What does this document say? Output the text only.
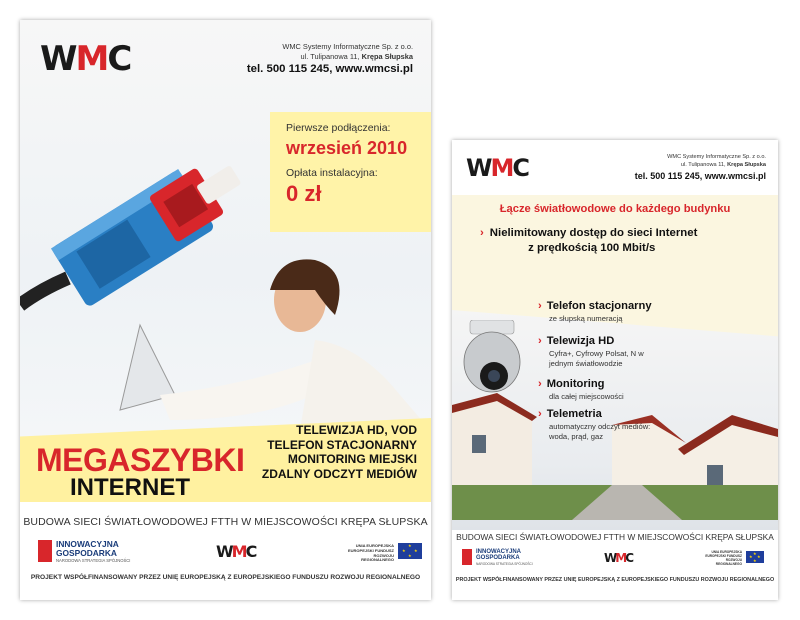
WMC	WMC Systemy Informatyczne Sp. z o.o.
ul. Tulipanowa 11, Krępa Słupska
tel. 500 115 245, www.wmcsi.pl
Pierwsze podłączenia:
wrzesień 2010
Opłata instalacyjna:
0 zł
MEGASZYBKI
INTERNET
TELEWIZJA HD, VOD
TELEFON STACJONARNY
MONITORING MIEJSKI
ZDALNY ODCZYT MEDIÓW
BUDOWA SIECI ŚWIATŁOWODOWEJ FTTH W MIEJSCOWOŚCI KRĘPA SŁUPSKA
INNOWACYJNA
GOSPODARKA
NARODOWA STRATEGIA SPÓJNOŚCI	WMC	UNIA EUROPEJSKA
EUROPEJSKI FUNDUSZ
ROZWOJU REGIONALNEGO
★
★ ★
★
PROJEKT WSPÓŁFINANSOWANY PRZEZ UNIĘ EUROPEJSKĄ Z EUROPEJSKIEGO FUNDUSZU ROZWOJU REGIONALNEGO
WMC	WMC Systemy Informatyczne Sp. z o.o.
ul. Tulipanowa 11, Krępa Słupska
tel. 500 115 245, www.wmcsi.pl
Łącze światłowodowe do każdego budynku
› Nielimitowany dostęp do sieci Internet
z prędkością 100 Mbit/s
› Telefon stacjonarny
ze słupską numeracją
› Telewizja HD
Cyfra+, Cyfrowy Polsat, N w jednym światłowodzie
› Monitoring
dla całej miejscowości
› Telemetria
automatyczny odczyt mediów: woda, prąd, gaz
BUDOWA SIECI ŚWIATŁOWODOWEJ FTTH W MIEJSCOWOŚCI KRĘPA SŁUPSKA
INNOWACYJNA
GOSPODARKA
NARODOWA STRATEGIA SPÓJNOŚCI	WMC	UNIA EUROPEJSKA
EUROPEJSKI FUNDUSZ
ROZWOJU REGIONALNEGO
★
★ ★
★
PROJEKT WSPÓŁFINANSOWANY PRZEZ UNIĘ EUROPEJSKĄ Z EUROPEJSKIEGO FUNDUSZU ROZWOJU REGIONALNEGO
